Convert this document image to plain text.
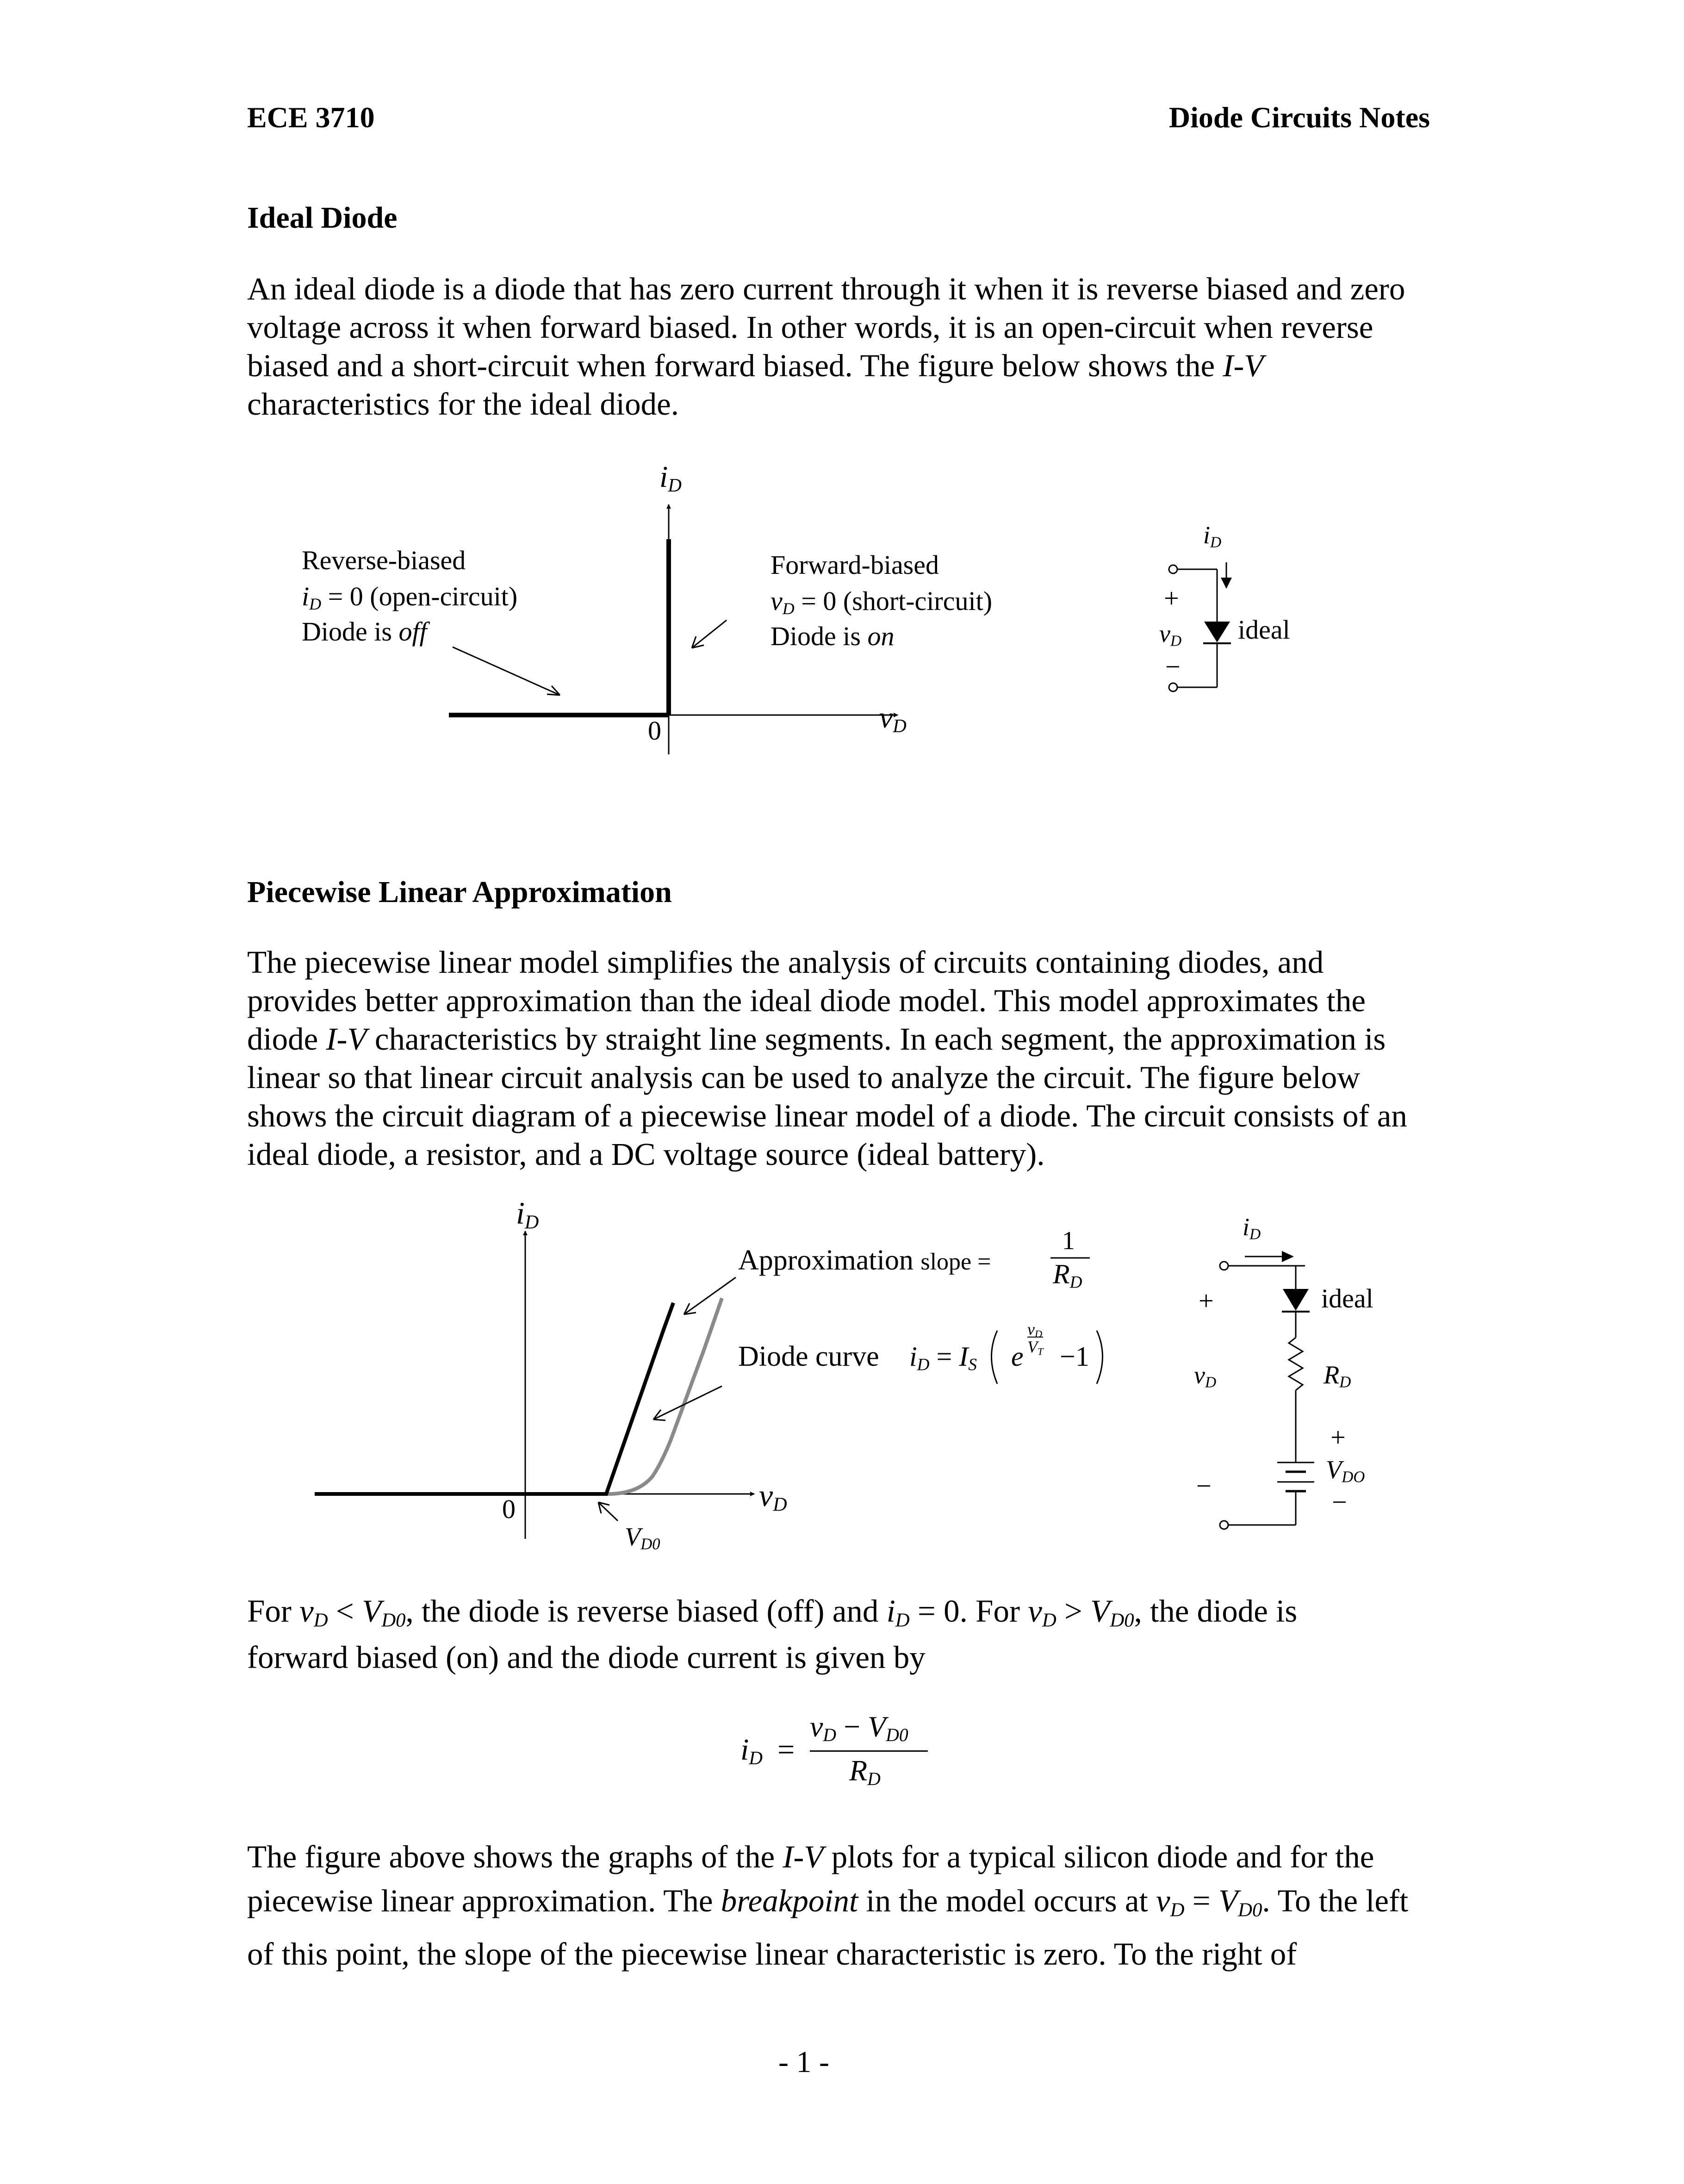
ECE 3710	Diode Circuits Notes
Ideal Diode

An ideal diode is a diode that has zero current through it when it is reverse biased and zero voltage across it when forward biased. In other words, it is an open-circuit when reverse biased and a short-circuit when forward biased. The figure below shows the I-V characteristics for the ideal diode.

$i_D$
$v_D$
0
Reverse-biased
$i_D = 0$ (open-circuit)
Diode is off
Forward-biased
$v_D = 0$ (short-circuit)
Diode is on
$i_D$
+
$v_D$
−
ideal
Piecewise Linear Approximation

The piecewise linear model simplifies the analysis of circuits containing diodes, and provides better approximation than the ideal diode model. This model approximates the diode I-V characteristics by straight line segments. In each segment, the approximation is linear so that linear circuit analysis can be used to analyze the circuit. The figure below shows the circuit diagram of a piecewise linear model of a diode. The circuit consists of an ideal diode, a resistor, and a DC voltage source (ideal battery).

$i_D$
$v_D$
0
$V_{D0}$
Approximation slope =
1
$R_D$
Diode curve $i_D = I_S$ e
$v_D$
$V_T -1$
$i_D$
ideal
+
$v_D$	$R_D$
−
+
$V_{DO}$
−

For $v_D < V_{D0}$, the diode is reverse biased (off) and $i_D = 0$. For $v_D > V_{D0}$, the diode is

forward biased (on) and the diode current is given by

$i_D$ =
$v_D - V_{D0}$
$R_D$

The figure above shows the graphs of the I-V plots for a typical silicon diode and for the piecewise linear approximation. The breakpoint in the model occurs at $v_D = V_{D0}$. To the left of this point, the slope of the piecewise linear characteristic is zero. To the right of

- 1 -
